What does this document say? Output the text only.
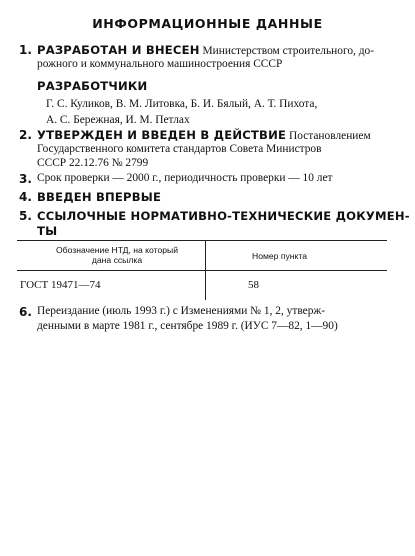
ИНФОРМАЦИОННЫЕ ДАННЫЕ
1. РАЗРАБОТАН И ВНЕСЕН Министерством строительного, до-
рожного и коммунального машиностроения СССР
РАЗРАБОТЧИКИ
Г. С. Куликов, В. М. Литовка, Б. И. Бялый, А. Т. Пихота,
А. С. Бережная, И. М. Петлах
2. УТВЕРЖДЕН И ВВЕДЕН В ДЕЙСТВИЕ Постановлением
Государственного комитета стандартов Совета Министров
СССР 22.12.76 № 2799
3. Срок проверки — 2000 г., периодичность проверки — 10 лет
4. ВВЕДЕН ВПЕРВЫЕ
5. ССЫЛОЧНЫЕ НОРМАТИВНО-ТЕХНИЧЕСКИЕ ДОКУМЕН-
ТЫ
Обозначение НТД, на который
дана ссылка	Номер пункта
ГОСТ 19471—74	58
6. Переиздание (июль 1993 г.) с Изменениями № 1, 2, утверж-
денными в марте 1981 г., сентябре 1989 г. (ИУС 7—82, 1—90)
